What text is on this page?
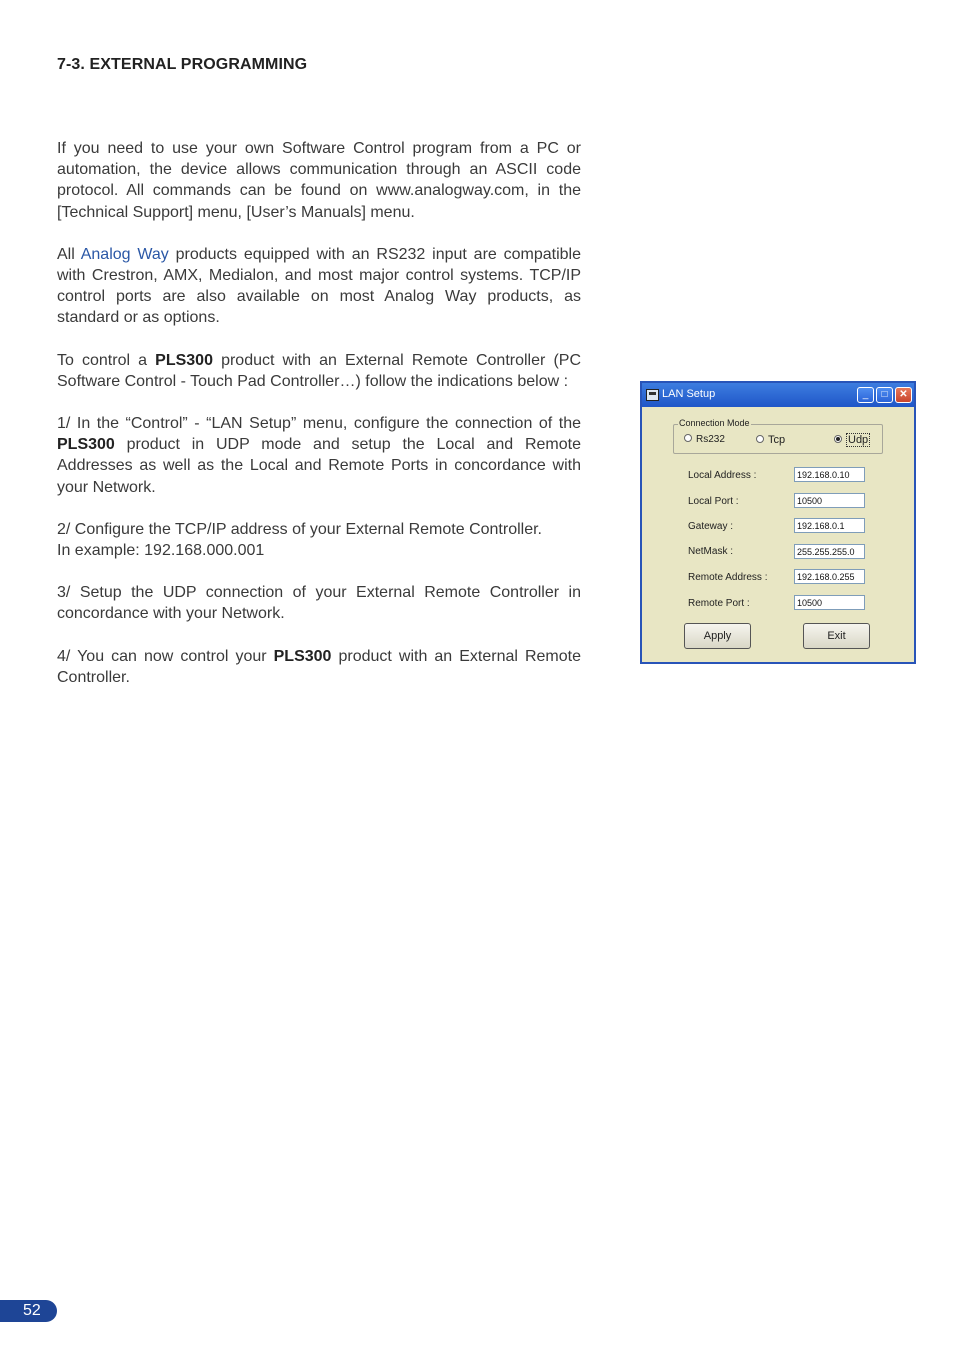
7-3. EXTERNAL PROGRAMMING

If you need to use your own Software Control program from a PC or automation, the device allows communication through an ASCII code protocol. All commands can be found on www.analogway.com, in the [Technical Support] menu, [User’s Manuals] menu.

All Analog Way products equipped with an RS232 input are compatible with Crestron, AMX, Medialon, and most major control systems. TCP/IP control ports are also available on most Analog Way products, as standard or as options.

To control a PLS300 product with an External Remote Controller (PC Software Control - Touch Pad Controller…) follow the indications below :

1/ In the “Control” - “LAN Setup” menu, configure the connection of the PLS300 product in UDP mode and setup the Local and Remote Addresses as well as the Local and Remote Ports in concordance with your Network.

2/ Configure the TCP/IP address of your External Remote Controller.
In example: 192.168.000.001

3/ Setup the UDP connection of your External Remote Controller in concordance with your Network.

4/ You can now control your PLS300 product with an External Remote Controller.

LAN Setup	_	□	✕
Connection Mode
Rs232	Tcp	Udp
Local Address :
192.168.0.10
Local Port :
10500
Gateway :
192.168.0.1
NetMask :
255.255.255.0
Remote Address :
192.168.0.255
Remote Port :
10500
Apply	Exit
52
